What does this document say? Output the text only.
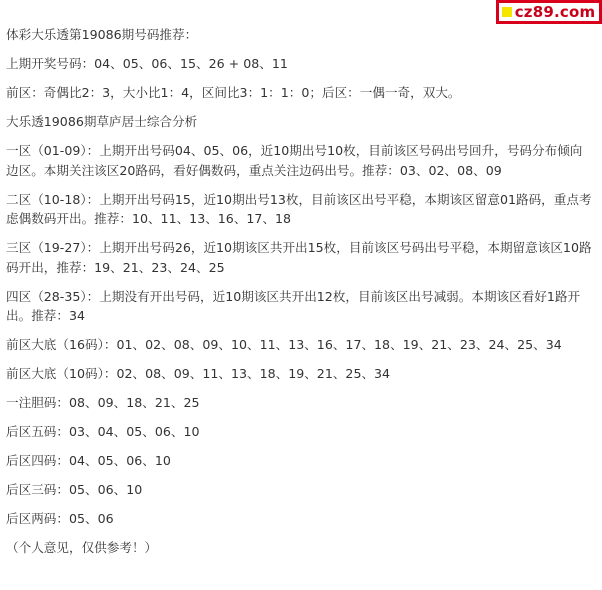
cz89.com

体彩大乐透第19086期号码推荐：

上期开奖号码：04、05、06、15、26 + 08、11

前区：奇偶比2：3，大小比1：4，区间比3：1：1：0；后区：一偶一奇，双大。

大乐透19086期草庐居士综合分析

一区（01-09）：上期开出号码04、05、06，近10期出号10枚，目前该区号码出号回升，号码分布倾向边区。本期关注该区20路码，看好偶数码，重点关注边码出号。推荐：03、02、08、09

二区（10-18）：上期开出号码15，近10期出号13枚，目前该区出号平稳，本期该区留意01路码，重点考虑偶数码开出。推荐：10、11、13、16、17、18

三区（19-27）：上期开出号码26，近10期该区共开出15枚，目前该区号码出号平稳，本期留意该区10路码开出，推荐：19、21、23、24、25

四区（28-35）：上期没有开出号码，近10期该区共开出12枚，目前该区出号减弱。本期该区看好1路开出。推荐：34

前区大底（16码）：01、02、08、09、10、11、13、16、17、18、19、21、23、24、25、34

前区大底（10码）：02、08、09、11、13、18、19、21、25、34

一注胆码：08、09、18、21、25

后区五码：03、04、05、06、10

后区四码：04、05、06、10

后区三码：05、06、10

后区两码：05、06

（个人意见，仅供参考！）
